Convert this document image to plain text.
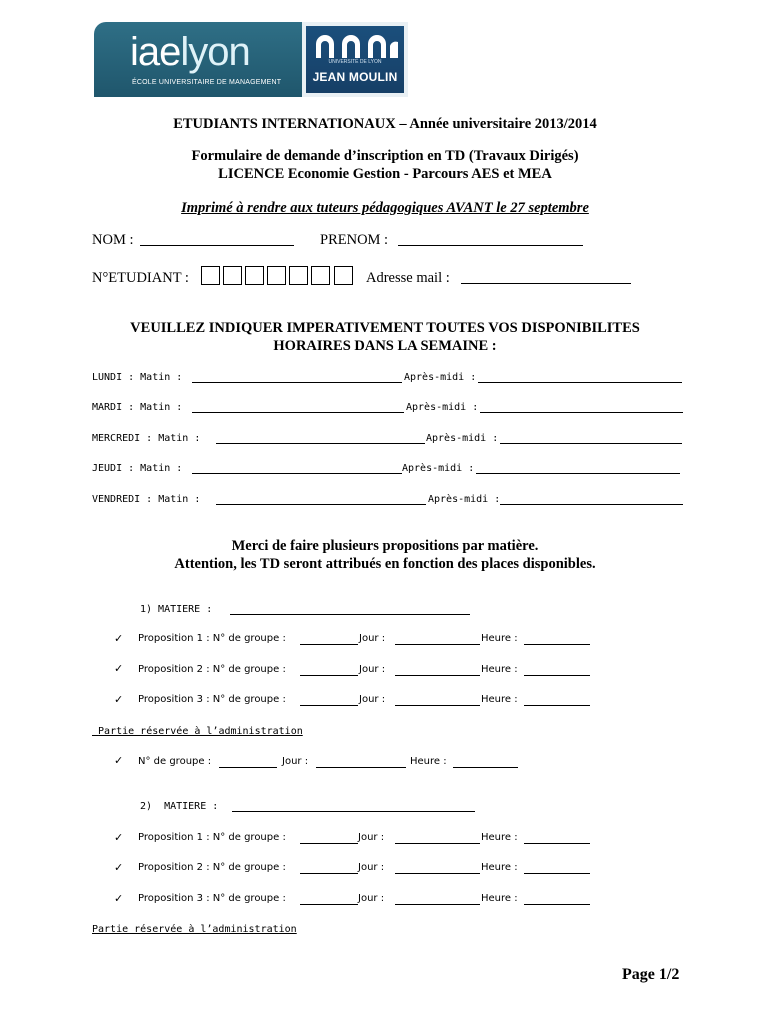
iaelyon
ÉCOLE UNIVERSITAIRE DE MANAGEMENT
UNIVERSITÉ DE LYON
JEAN MOULIN
ETUDIANTS INTERNATIONAUX – Année universitaire 2013/2014
Formulaire de demande d’inscription en TD (Travaux Dirigés)
LICENCE Economie Gestion - Parcours AES et MEA
Imprimé à rendre aux tuteurs pédagogiques AVANT le 27 septembre
NOM :	PRENOM :
N°ETUDIANT :	Adresse mail :
VEUILLEZ INDIQUER IMPERATIVEMENT TOUTES VOS DISPONIBILITES
HORAIRES DANS LA SEMAINE :
LUNDI : Matin :	Après-midi :
MARDI : Matin :	Après-midi :
MERCREDI : Matin :	Après-midi :
JEUDI : Matin :	Après-midi :
VENDREDI : Matin :	Après-midi :
Merci de faire plusieurs propositions par matière.
Attention, les TD seront attribués en fonction des places disponibles.
1) MATIERE :
✓ Proposition 1 : N° de groupe :	Jour :	Heure :
✓ Proposition 2 : N° de groupe :	Jour :	Heure :
✓ Proposition 3 : N° de groupe :	Jour :	Heure :
Partie réservée à l’administration
✓ N° de groupe :	Jour :	Heure :
2)  MATIERE :
✓ Proposition 1 : N° de groupe :	Jour :	Heure :
✓ Proposition 2 : N° de groupe :	Jour :	Heure :
✓ Proposition 3 : N° de groupe :	Jour :	Heure :
Partie réservée à l’administration
Page 1/2
